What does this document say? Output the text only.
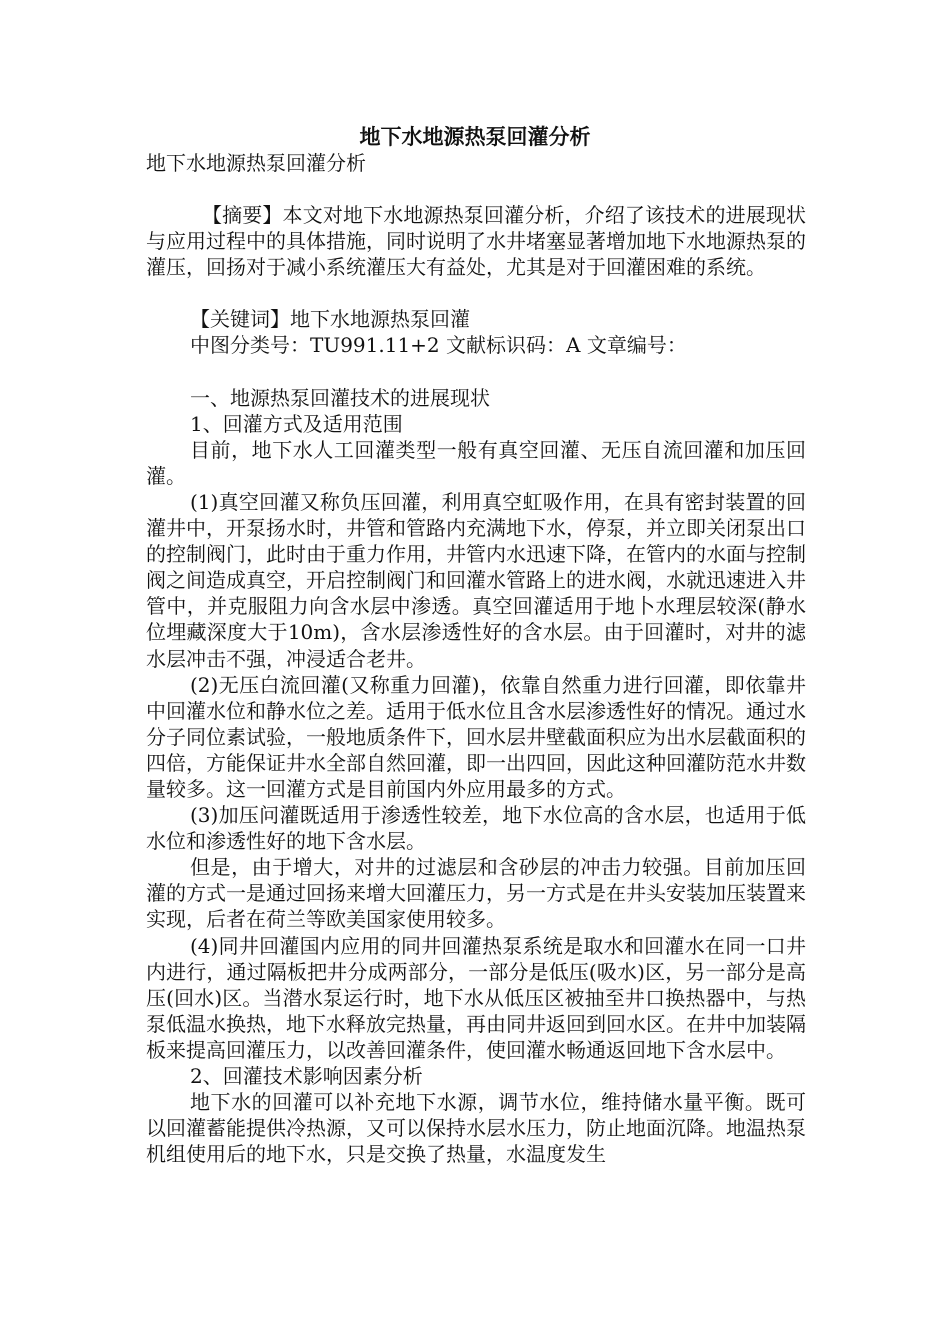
地下水地源热泵回灌分析

地下水地源热泵回灌分析

【摘要】本文对地下水地源热泵回灌分析，介绍了该技术的进展现状与应用过程中的具体措施，同时说明了水井堵塞显著增加地下水地源热泵的灌压，回扬对于减小系统灌压大有益处，尤其是对于回灌困难的系统。

【关键词】地下水地源热泵回灌

中图分类号：TU991.11+2 文献标识码：A 文章编号：

一、地源热泵回灌技术的进展现状

1、回灌方式及适用范围

目前，地下水人工回灌类型一般有真空回灌、无压自流回灌和加压回灌。

(1)真空回灌又称负压回灌，利用真空虹吸作用，在具有密封装置的回灌井中，开泵扬水时，井管和管路内充满地下水，停泵，并立即关闭泵出口的控制阀门，此时由于重力作用，井管内水迅速下降，在管内的水面与控制阀之间造成真空，开启控制阀门和回灌水管路上的进水阀，水就迅速进入井管中，并克服阻力向含水层中渗透。真空回灌适用于地卜水理层较深(静水位埋藏深度大于10m)，含水层渗透性好的含水层。由于回灌时，对井的滤水层冲击不强，冲浸适合老井。

(2)无压白流回灌(又称重力回灌)，依靠自然重力进行回灌，即依靠井中回灌水位和静水位之差。适用于低水位且含水层渗透性好的情况。通过水分子同位素试验，一般地质条件下，回水层井壁截面积应为出水层截面积的四倍，方能保证井水全部自然回灌，即一出四回，因此这种回灌防范水井数量较多。这一回灌方式是目前国内外应用最多的方式。

(3)加压问灌既适用于渗透性较差，地下水位高的含水层，也适用于低水位和渗透性好的地下含水层。

但是，由于增大，对井的过滤层和含砂层的冲击力较强。目前加压回灌的方式一是通过回扬来增大回灌压力，另一方式是在井头安装加压装置来实现，后者在荷兰等欧美国家使用较多。

(4)同井回灌国内应用的同井回灌热泵系统是取水和回灌水在同一口井内进行，通过隔板把井分成两部分，一部分是低压(吸水)区，另一部分是高压(回水)区。当潜水泵运行时，地下水从低压区被抽至井口换热器中，与热泵低温水换热，地下水释放完热量，再由同井返回到回水区。在井中加装隔板来提高回灌压力，以改善回灌条件，使回灌水畅通返回地下含水层中。

2、回灌技术影响因素分析

地下水的回灌可以补充地下水源，调节水位，维持储水量平衡。既可以回灌蓄能提供冷热源，又可以保持水层水压力，防止地面沉降。地温热泵机组使用后的地下水，只是交换了热量，水温度发生
